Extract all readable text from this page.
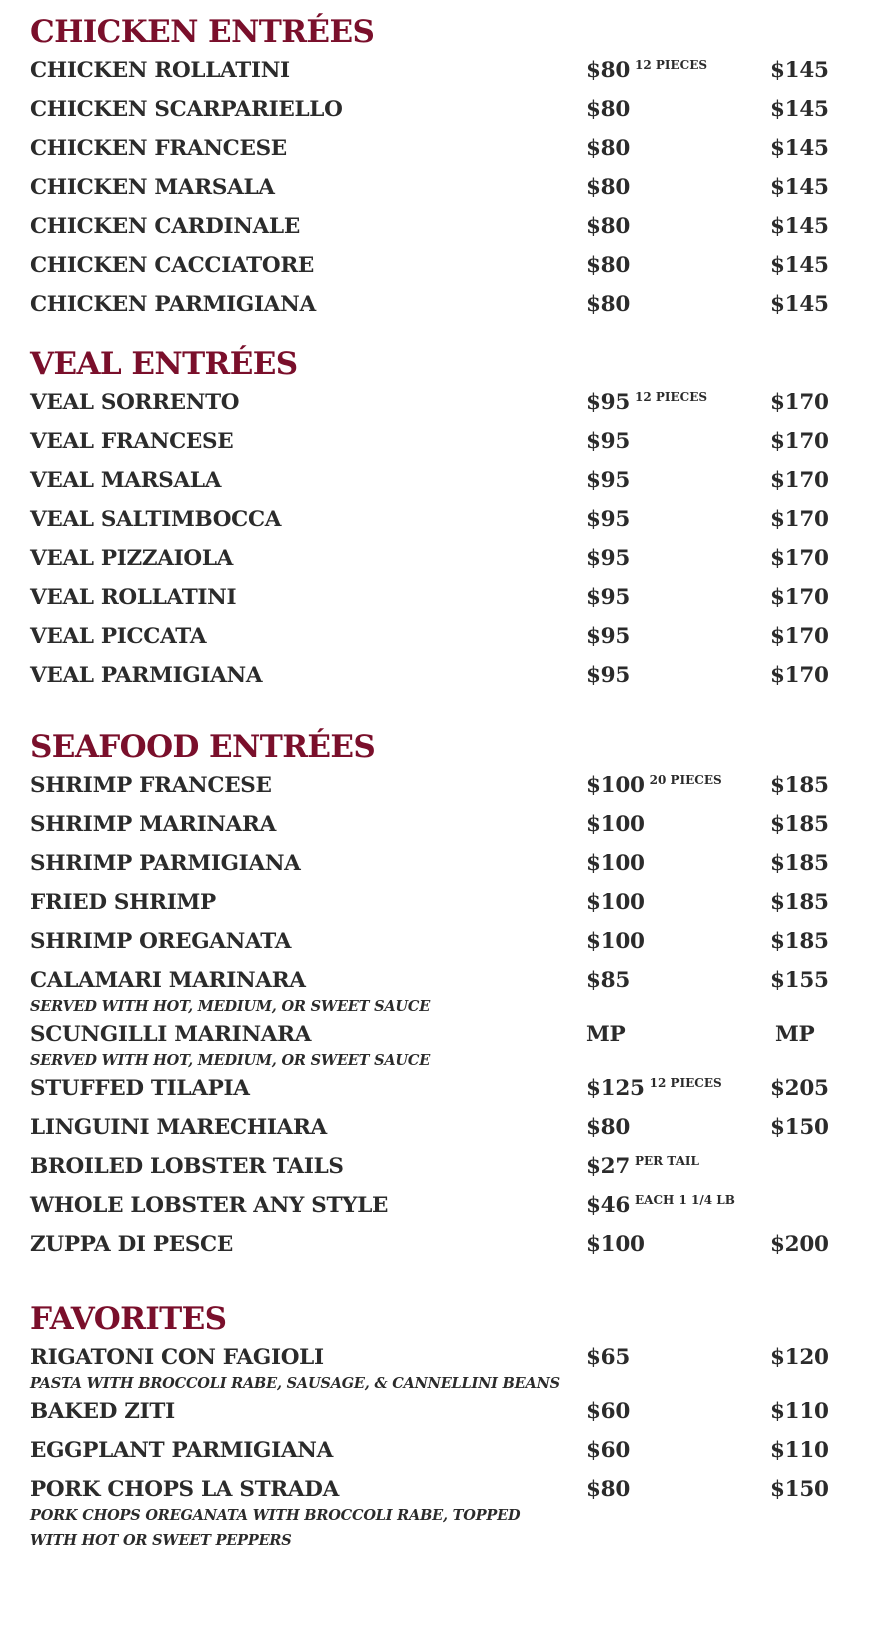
CHICKEN ENTRÉES
CHICKEN ROLLATINI	$80 $^{12 PIECES}$	$145
CHICKEN SCARPARIELLO	$80	$145
CHICKEN FRANCESE	$80	$145
CHICKEN MARSALA	$80	$145
CHICKEN CARDINALE	$80	$145
CHICKEN CACCIATORE	$80	$145
CHICKEN PARMIGIANA	$80	$145
VEAL ENTRÉES
VEAL SORRENTO	$95 $^{12 PIECES}$	$170
VEAL FRANCESE	$95	$170
VEAL MARSALA	$95	$170
VEAL SALTIMBOCCA	$95	$170
VEAL PIZZAIOLA	$95	$170
VEAL ROLLATINI	$95	$170
VEAL PICCATA	$95	$170
VEAL PARMIGIANA	$95	$170
SEAFOOD ENTRÉES
SHRIMP FRANCESE	$100 $^{20 PIECES}$ $185
SHRIMP MARINARA	$100	$185
SHRIMP PARMIGIANA	$100	$185
FRIED SHRIMP	$100	$185
SHRIMP OREGANATA	$100	$185
CALAMARI MARINARA	$85	$155
SERVED WITH HOT, MEDIUM, OR SWEET SAUCE
SCUNGILLI MARINARA	MP	MP
SERVED WITH HOT, MEDIUM, OR SWEET SAUCE
STUFFED TILAPIA	$125 $^{12 PIECES}$ $205
LINGUINI MARECHIARA	$80	$150
BROILED LOBSTER TAILS	$27 $^{PER TAIL}$
WHOLE LOBSTER ANY STYLE	$46 $^{EACH 1 1/4 LB}$
ZUPPA DI PESCE	$100	$200
FAVORITES
RIGATONI CON FAGIOLI	$65	$120
PASTA WITH BROCCOLI RABE, SAUSAGE, & CANNELLINI BEANS
BAKED ZITI	$60	$110
EGGPLANT PARMIGIANA	$60	$110
PORK CHOPS LA STRADA	$80	$150
PORK CHOPS OREGANATA WITH BROCCOLI RABE, TOPPED WITH HOT OR SWEET PEPPERS
